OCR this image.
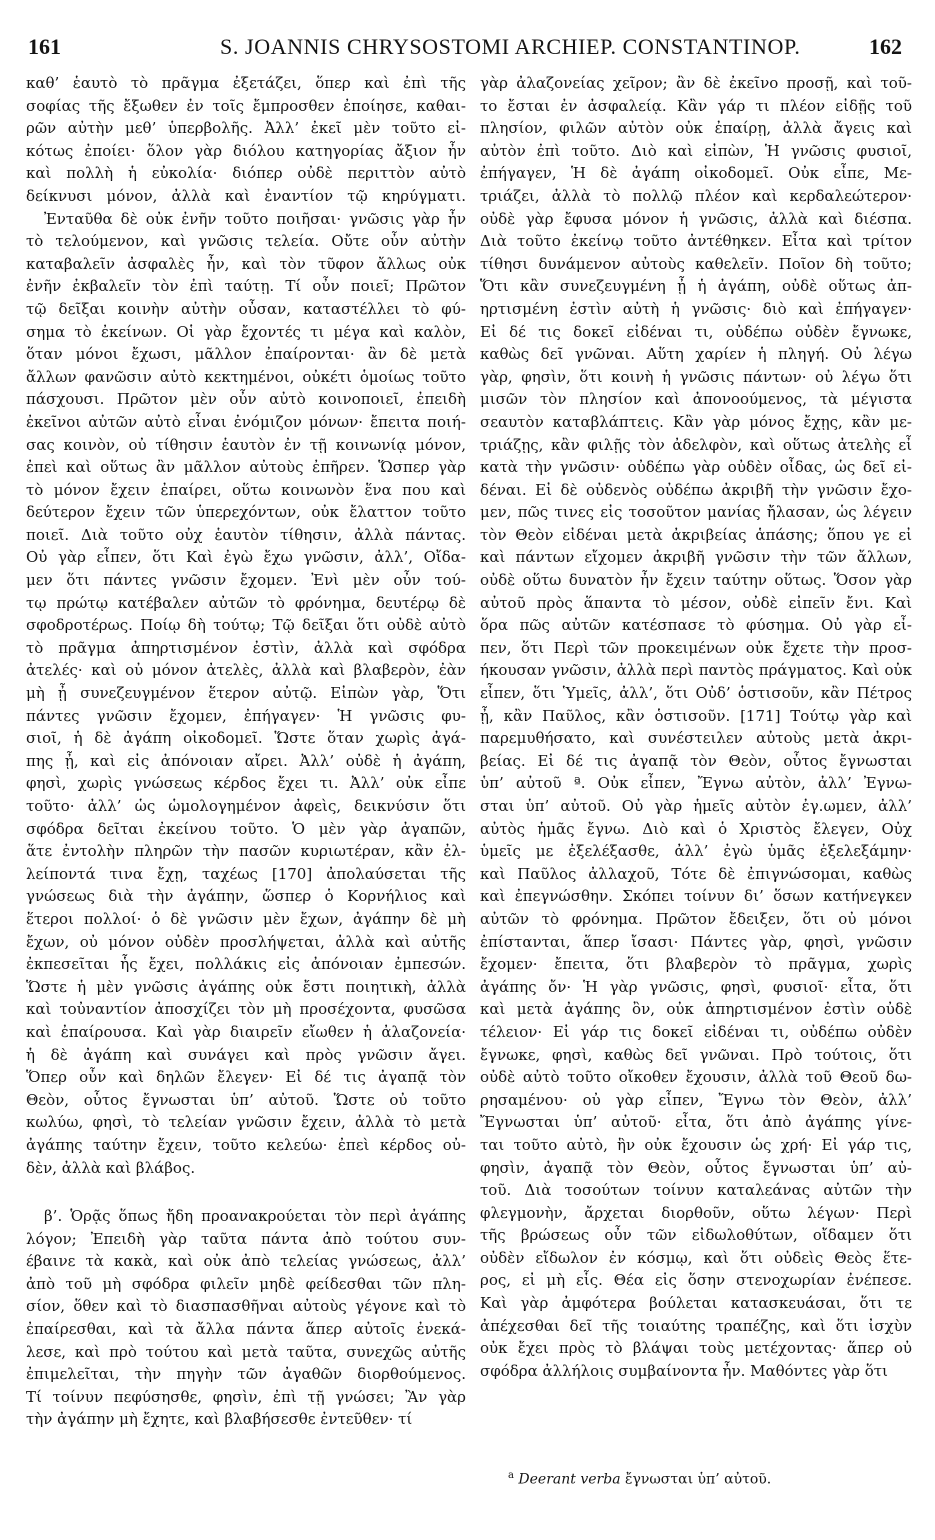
161	S. JOANNIS CHRYSOSTOMI ARCHIEP. CONSTANTINOP.	162
καθ’ ἑαυτὸ τὸ πρᾶγμα ἐξετάζει, ὅπερ καὶ ἐπὶ τῆς
σοφίας τῆς ἔξωθεν ἐν τοῖς ἔμπροσθεν ἐποίησε, καθαι-
ρῶν αὐτὴν μεθ’ ὑπερβολῆς. Ἀλλ’ ἐκεῖ μὲν τοῦτο εἰ-
κότως ἐποίει· ὅλον γὰρ διόλου κατηγορίας ἄξιον ἦν
καὶ πολλὴ ἡ εὐκολία· διόπερ οὐδὲ περιττὸν αὐτὸ
δείκνυσι μόνον, ἀλλὰ καὶ ἐναντίον τῷ κηρύγματι.
Ἐνταῦθα δὲ οὐκ ἐνῆν τοῦτο ποιῆσαι· γνῶσις γὰρ ἦν
τὸ τελούμενον, καὶ γνῶσις τελεία. Οὔτε οὖν αὐτὴν
καταβαλεῖν ἀσφαλὲς ἦν, καὶ τὸν τῦφον ἄλλως οὐκ
ἐνῆν ἐκβαλεῖν τὸν ἐπὶ ταύτῃ. Τί οὖν ποιεῖ; Πρῶτον
τῷ δεῖξαι κοινὴν αὐτὴν οὖσαν, καταστέλλει τὸ φύ-
σημα τὸ ἐκείνων. Οἱ γὰρ ἔχοντές τι μέγα καὶ καλὸν,
ὅταν μόνοι ἔχωσι, μᾶλλον ἐπαίρονται· ἂν δὲ μετὰ
ἄλλων φανῶσιν αὐτὸ κεκτημένοι, οὐκέτι ὁμοίως τοῦτο
πάσχουσι. Πρῶτον μὲν οὖν αὐτὸ κοινοποιεῖ, ἐπειδὴ
ἐκεῖνοι αὐτῶν αὐτὸ εἶναι ἐνόμιζον μόνων· ἔπειτα ποιή-
σας κοινὸν, οὐ τίθησιν ἑαυτὸν ἐν τῇ κοινωνίᾳ μόνον,
ἐπεὶ καὶ οὕτως ἂν μᾶλλον αὐτοὺς ἐπῆρεν. Ὥσπερ γὰρ
τὸ μόνον ἔχειν ἐπαίρει, οὕτω κοινωνὸν ἕνα που καὶ
δεύτερον ἔχειν τῶν ὑπερεχόντων, οὐκ ἔλαττον τοῦτο
ποιεῖ. Διὰ τοῦτο οὐχ ἑαυτὸν τίθησιν, ἀλλὰ πάντας.
Οὐ γὰρ εἶπεν, ὅτι Καὶ ἐγὼ ἔχω γνῶσιν, ἀλλ’, Οἴδα-
μεν ὅτι πάντες γνῶσιν ἔχομεν. Ἐνὶ μὲν οὖν τού-
τῳ πρώτῳ κατέβαλεν αὐτῶν τὸ φρόνημα, δευτέρῳ δὲ
σφοδροτέρως. Ποίῳ δὴ τούτῳ; Τῷ δεῖξαι ὅτι οὐδὲ αὐτὸ
τὸ πρᾶγμα ἀπηρτισμένον ἐστὶν, ἀλλὰ καὶ σφόδρα
ἀτελές· καὶ οὐ μόνον ἀτελὲς, ἀλλὰ καὶ βλαβερὸν, ἐὰν
μὴ ᾖ συνεζευγμένον ἕτερον αὐτῷ. Εἰπὼν γὰρ, Ὅτι
πάντες γνῶσιν ἔχομεν, ἐπήγαγεν· Ἡ γνῶσις φυ-
σιοῖ, ἡ δὲ ἀγάπη οἰκοδομεῖ. Ὥστε ὅταν χωρὶς ἀγά-
πης ᾖ, καὶ εἰς ἀπόνοιαν αἴρει. Ἀλλ’ οὐδὲ ἡ ἀγάπη,
φησὶ, χωρὶς γνώσεως κέρδος ἔχει τι. Ἀλλ’ οὐκ εἶπε
τοῦτο· ἀλλ’ ὡς ὡμολογημένον ἀφεὶς, δεικνύσιν ὅτι
σφόδρα δεῖται ἐκείνου τοῦτο. Ὁ μὲν γὰρ ἀγαπῶν,
ἅτε ἐντολὴν πληρῶν τὴν πασῶν κυριωτέραν, κἂν ἐλ-
λείποντά τινα ἔχῃ, ταχέως [170] ἀπολαύσεται τῆς
γνώσεως διὰ τὴν ἀγάπην, ὥσπερ ὁ Κορνήλιος καὶ
ἕτεροι πολλοί· ὁ δὲ γνῶσιν μὲν ἔχων, ἀγάπην δὲ μὴ
ἔχων, οὐ μόνον οὐδὲν προσλήψεται, ἀλλὰ καὶ αὐτῆς
ἐκπεσεῖται ἧς ἔχει, πολλάκις εἰς ἀπόνοιαν ἐμπεσών.
Ὥστε ἡ μὲν γνῶσις ἀγάπης οὐκ ἔστι ποιητικὴ, ἀλλὰ
καὶ τοὐναντίον ἀποσχίζει τὸν μὴ προσέχοντα, φυσῶσα
καὶ ἐπαίρουσα. Καὶ γὰρ διαιρεῖν εἴωθεν ἡ ἀλαζονεία·
ἡ δὲ ἀγάπη καὶ συνάγει καὶ πρὸς γνῶσιν ἄγει.
Ὅπερ οὖν καὶ δηλῶν ἔλεγεν· Εἰ δέ τις ἀγαπᾷ τὸν
Θεὸν, οὗτος ἔγνωσται ὑπ’ αὐτοῦ. Ὥστε οὐ τοῦτο
κωλύω, φησὶ, τὸ τελείαν γνῶσιν ἔχειν, ἀλλὰ τὸ μετὰ
ἀγάπης ταύτην ἔχειν, τοῦτο κελεύω· ἐπεὶ κέρδος οὐ-
δὲν, ἀλλὰ καὶ βλάβος.
β’. Ὁρᾷς ὅπως ἤδη προανακρούεται τὸν περὶ ἀγάπης
λόγον; Ἐπειδὴ γὰρ ταῦτα πάντα ἀπὸ τούτου συν-
έβαινε τὰ κακὰ, καὶ οὐκ ἀπὸ τελείας γνώσεως, ἀλλ’
ἀπὸ τοῦ μὴ σφόδρα φιλεῖν μηδὲ φείδεσθαι τῶν πλη-
σίον, ὅθεν καὶ τὸ διασπασθῆναι αὐτοὺς γέγονε καὶ τὸ
ἐπαίρεσθαι, καὶ τὰ ἄλλα πάντα ἅπερ αὐτοῖς ἐνεκά-
λεσε, καὶ πρὸ τούτου καὶ μετὰ ταῦτα, συνεχῶς αὐτῆς
ἐπιμελεῖται, τὴν πηγὴν τῶν ἀγαθῶν διορθούμενος.
Τί τοίνυν πεφύσησθε, φησὶν, ἐπὶ τῇ γνώσει; Ἂν γὰρ
τὴν ἀγάπην μὴ ἔχητε, καὶ βλαβήσεσθε ἐντεῦθεν· τί
γὰρ ἀλαζονείας χεῖρον; ἂν δὲ ἐκεῖνο προσῇ, καὶ τοῦ-
το ἔσται ἐν ἀσφαλείᾳ. Κἂν γάρ τι πλέον εἰδῇς τοῦ
πλησίον, φιλῶν αὐτὸν οὐκ ἐπαίρῃ, ἀλλὰ ἄγεις καὶ
αὐτὸν ἐπὶ τοῦτο. Διὸ καὶ εἰπὼν, Ἡ γνῶσις φυσιοῖ,
ἐπήγαγεν, Ἡ δὲ ἀγάπη οἰκοδομεῖ. Οὐκ εἶπε, Με-
τριάζει, ἀλλὰ τὸ πολλῷ πλέον καὶ κερδαλεώτερον·
οὐδὲ γὰρ ἔφυσα μόνον ἡ γνῶσις, ἀλλὰ καὶ διέσπα.
Διὰ τοῦτο ἐκείνῳ τοῦτο ἀντέθηκεν. Εἶτα καὶ τρίτον
τίθησι δυνάμενον αὐτοὺς καθελεῖν. Ποῖον δὴ τοῦτο;
Ὅτι κἂν συνεζευγμένη ᾖ ἡ ἀγάπη, οὐδὲ οὕτως ἀπ-
ηρτισμένη ἐστὶν αὐτὴ ἡ γνῶσις· διὸ καὶ ἐπήγαγεν·
Εἰ δέ τις δοκεῖ εἰδέναι τι, οὐδέπω οὐδὲν ἔγνωκε,
καθὼς δεῖ γνῶναι. Αὕτη χαρίεν ἡ πληγή. Οὐ λέγω
γὰρ, φησὶν, ὅτι κοινὴ ἡ γνῶσις πάντων· οὐ λέγω ὅτι
μισῶν τὸν πλησίον καὶ ἀπονοούμενος, τὰ μέγιστα
σεαυτὸν καταβλάπτεις. Κἂν γὰρ μόνος ἔχῃς, κἂν με-
τριάζῃς, κἂν φιλῇς τὸν ἀδελφὸν, καὶ οὕτως ἀτελὴς εἶ
κατὰ τὴν γνῶσιν· οὐδέπω γὰρ οὐδὲν οἶδας, ὡς δεῖ εἰ-
δέναι. Εἰ δὲ οὐδενὸς οὐδέπω ἀκριβῆ τὴν γνῶσιν ἔχο-
μεν, πῶς τινες εἰς τοσοῦτον μανίας ἤλασαν, ὡς λέγειν
τὸν Θεὸν εἰδέναι μετὰ ἀκριβείας ἁπάσης; ὅπου γε εἰ
καὶ πάντων εἴχομεν ἀκριβῆ γνῶσιν τὴν τῶν ἄλλων,
οὐδὲ οὕτω δυνατὸν ἦν ἔχειν ταύτην οὕτως. Ὅσον γὰρ
αὐτοῦ πρὸς ἅπαντα τὸ μέσον, οὐδὲ εἰπεῖν ἔνι. Καὶ
ὅρα πῶς αὐτῶν κατέσπασε τὸ φύσημα. Οὐ γὰρ εἶ-
πεν, ὅτι Περὶ τῶν προκειμένων οὐκ ἔχετε τὴν προσ-
ήκουσαν γνῶσιν, ἀλλὰ περὶ παντὸς πράγματος. Καὶ οὐκ
εἶπεν, ὅτι Ὑμεῖς, ἀλλ’, ὅτι Οὐδ’ ὁστισοῦν, κἂν Πέτρος
ᾖ, κἂν Παῦλος, κἂν ὁστισοῦν. [171] Τούτῳ γὰρ καὶ
παρεμυθήσατο, καὶ συνέστειλεν αὐτοὺς μετὰ ἀκρι-
βείας. Εἰ δέ τις ἀγαπᾷ τὸν Θεὸν, οὗτος ἔγνωσται
ὑπ’ αὐτοῦ ª. Οὐκ εἶπεν, Ἔγνω αὐτὸν, ἀλλ’ Ἐγνω-
σται ὑπ’ αὐτοῦ. Οὐ γὰρ ἡμεῖς αὐτὸν ἐγ.ωμεν, ἀλλ’
αὐτὸς ἡμᾶς ἔγνω. Διὸ καὶ ὁ Χριστὸς ἔλεγεν, Οὐχ
ὑμεῖς με ἐξελέξασθε, ἀλλ’ ἐγὼ ὑμᾶς ἐξελεξάμην·
καὶ Παῦλος ἀλλαχοῦ, Τότε δὲ ἐπιγνώσομαι, καθὼς
καὶ ἐπεγνώσθην. Σκόπει τοίνυν δι’ ὅσων κατήνεγκεν
αὐτῶν τὸ φρόνημα. Πρῶτον ἔδειξεν, ὅτι οὐ μόνοι
ἐπίστανται, ἅπερ ἴσασι· Πάντες γὰρ, φησὶ, γνῶσιν
ἔχομεν· ἔπειτα, ὅτι βλαβερὸν τὸ πρᾶγμα, χωρὶς
ἀγάπης ὄν· Ἡ γὰρ γνῶσις, φησὶ, φυσιοῖ· εἶτα, ὅτι
καὶ μετὰ ἀγάπης ὂν, οὐκ ἀπηρτισμένον ἐστὶν οὐδὲ
τέλειον· Εἰ γάρ τις δοκεῖ εἰδέναι τι, οὐδέπω οὐδὲν
ἔγνωκε, φησὶ, καθὼς δεῖ γνῶναι. Πρὸ τούτοις, ὅτι
οὐδὲ αὐτὸ τοῦτο οἴκοθεν ἔχουσιν, ἀλλὰ τοῦ Θεοῦ δω-
ρησαμένου· οὐ γὰρ εἶπεν, Ἔγνω τὸν Θεὸν, ἀλλ’
Ἔγνωσται ὑπ’ αὐτοῦ· εἶτα, ὅτι ἀπὸ ἀγάπης γίνε-
ται τοῦτο αὐτὸ, ἣν οὐκ ἔχουσιν ὡς χρή· Εἰ γάρ τις,
φησὶν, ἀγαπᾷ τὸν Θεὸν, οὗτος ἔγνωσται ὑπ’ αὐ-
τοῦ. Διὰ τοσούτων τοίνυν καταλεάνας αὐτῶν τὴν
φλεγμονὴν, ἄρχεται διορθοῦν, οὕτω λέγων· Περὶ
τῆς βρώσεως οὖν τῶν εἰδωλοθύτων, οἴδαμεν ὅτι
οὐδὲν εἴδωλον ἐν κόσμῳ, καὶ ὅτι οὐδεὶς Θεὸς ἕτε-
ρος, εἰ μὴ εἷς. Θέα εἰς ὅσην στενοχωρίαν ἐνέπεσε.
Καὶ γὰρ ἀμφότερα βούλεται κατασκευάσαι, ὅτι τε
ἀπέχεσθαι δεῖ τῆς τοιαύτης τραπέζης, καὶ ὅτι ἰσχὺν
οὐκ ἔχει πρὸς τὸ βλάψαι τοὺς μετέχοντας· ἅπερ οὐ
σφόδρα ἀλλήλοις συμβαίνοντα ἦν. Μαθόντες γὰρ ὅτι
$^a$ Deerant verba ἔγνωσται ὑπ’ αὐτοῦ.
